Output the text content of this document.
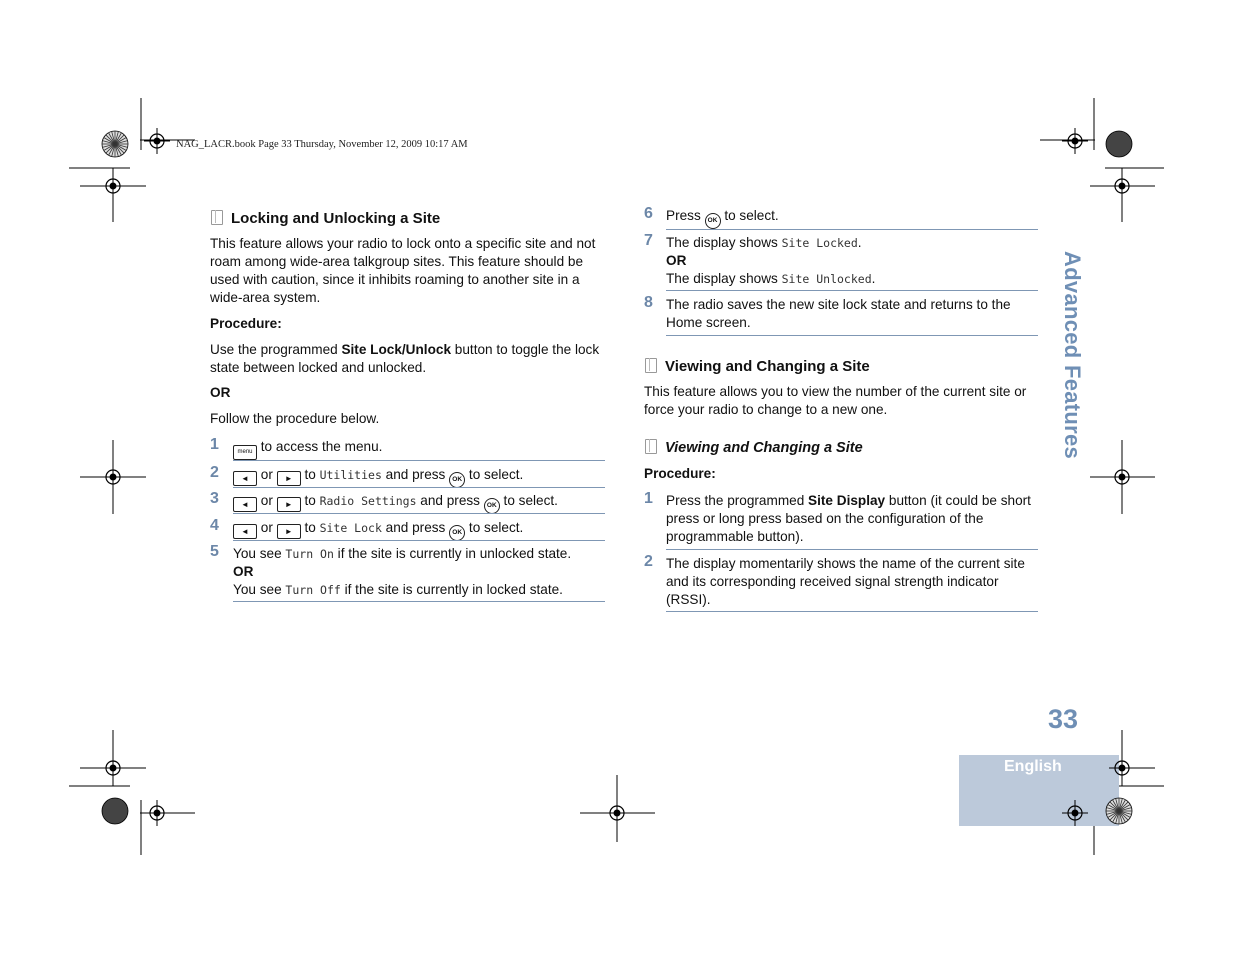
NAG_LACR.book Page 33 Thursday, November 12, 2009 10:17 AM
Locking and Unlocking a Site
This feature allows your radio to lock onto a specific site and not roam among wide-area talkgroup sites. This feature should be used with caution, since it inhibits roaming to another site in a wide-area system.
Procedure:
Use the programmed Site Lock/Unlock button to toggle the lock state between locked and unlocked.
OR
Follow the procedure below.
1	menu to access the menu.
2	◄ or ► to Utilities and press OK to select.
3	◄ or ► to Radio Settings and press OK to select.
4	◄ or ► to Site Lock and press OK to select.
5 You see Turn On if the site is currently in unlocked state.
OR
You see Turn Off if the site is currently in locked state.
6 Press OK to select.
7 The display shows Site Locked.
OR
The display shows Site Unlocked.
8 The radio saves the new site lock state and returns to the Home screen.
Viewing and Changing a Site
This feature allows you to view the number of the current site or force your radio to change to a new one.
Viewing and Changing a Site
Procedure:
1 Press the programmed Site Display button (it could be short press or long press based on the configuration of the programmable button).
2 The display momentarily shows the name of the current site and its corresponding received signal strength indicator (RSSI).
Advanced Features
33
English
